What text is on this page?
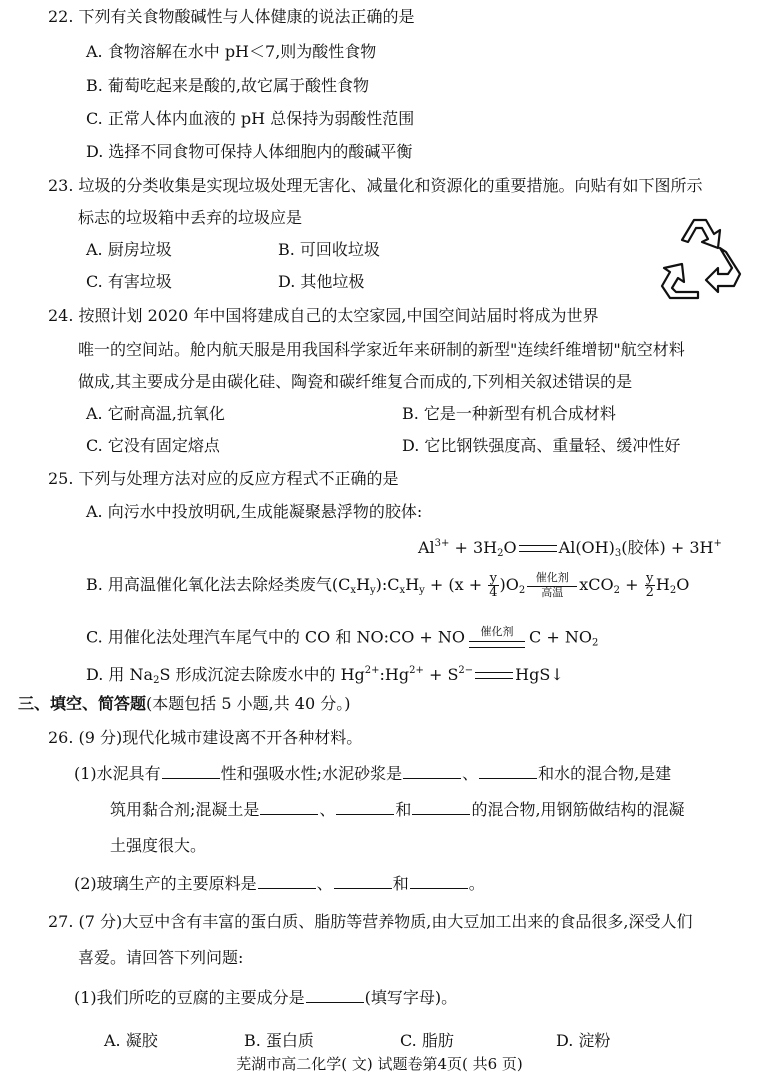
22. 下列有关食物酸碱性与人体健康的说法正确的是
A. 食物溶解在水中 pH＜7,则为酸性食物
B. 葡萄吃起来是酸的,故它属于酸性食物
C. 正常人体内血液的 pH 总保持为弱酸性范围
D. 选择不同食物可保持人体细胞内的酸碱平衡
23. 垃圾的分类收集是实现垃圾处理无害化、减量化和资源化的重要措施。向贴有如下图所示
标志的垃圾箱中丢弃的垃圾应是
A. 厨房垃圾	B. 可回收垃圾
C. 有害垃圾	D. 其他垃极
24. 按照计划 2020 年中国将建成自己的太空家园,中国空间站届时将成为世界
唯一的空间站。舱内航天服是用我国科学家近年来研制的新型"连续纤维增韧"航空材料
做成,其主要成分是由碳化硅、陶瓷和碳纤维复合而成的,下列相关叙述错误的是
A. 它耐高温,抗氧化	B. 它是一种新型有机合成材料
C. 它没有固定熔点	D. 它比钢铁强度高、重量轻、缓冲性好
25. 下列与处理方法对应的反应方程式不正确的是
A. 向污水中投放明矾,生成能凝聚悬浮物的胶体:
$Al^{3+} + 3H_2O$	$Al(OH)_3$(胶体) + 3H+
B. 用高温催化氧化法去除烃类废气$(C_xH_y):C_xH_y + (x + \frac{y}{4} )O_2$
催化剂
高温	$xCO_2 + \frac{y}{2} H_2O$
C. 用催化法处理汽车尾气中的 CO 和 NO:CO + NO	催化剂 $C + NO_2$
D. 用 $Na_2S$ 形成沉淀去除废水中的 $Hg^{2+}:Hg^{2+} + S^{2-}$	HgS↓
三、填空、简答题(本题包括 5 小题,共 40 分。)
26. (9 分)现代化城市建设离不开各种材料。
(1)水泥具有	性和强吸水性;水泥砂浆是	、	和水的混合物,是建
筑用黏合剂;混凝土是	、	和	的混合物,用钢筋做结构的混凝
土强度很大。
(2)玻璃生产的主要原料是	、	和	。
27. (7 分)大豆中含有丰富的蛋白质、脂肪等营养物质,由大豆加工出来的食品很多,深受人们
喜爱。请回答下列问题:
(1)我们所吃的豆腐的主要成分是	(填写字母)。
A. 凝胶	B. 蛋白质	C. 脂肪	D. 淀粉
芜湖市高二化学( 文) 试题卷第4页( 共6 页)
